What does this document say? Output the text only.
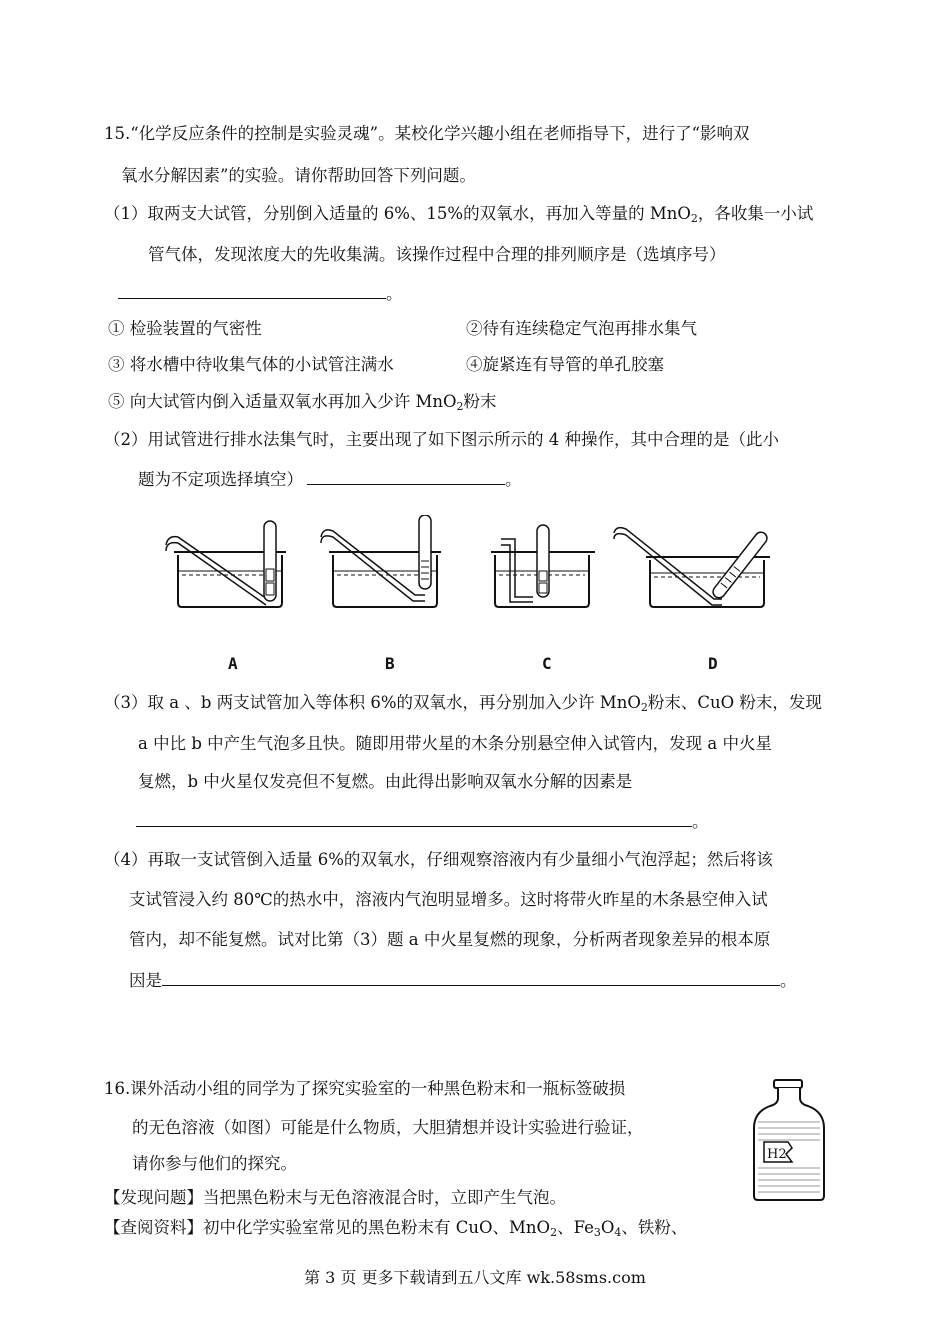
15.“化学反应条件的控制是实验灵魂”。某校化学兴趣小组在老师指导下，进行了“影响双
氧水分解因素”的实验。请你帮助回答下列问题。
（1）取两支大试管，分别倒入适量的 6%、15%的双氧水，再加入等量的 MnO$_2$，各收集一小试
管气体，发现浓度大的先收集满。该操作过程中合理的排列顺序是（选填序号）
。
① 检验装置的气密性	②待有连续稳定气泡再排水集气
③ 将水槽中待收集气体的小试管注满水	④旋紧连有导管的单孔胶塞
⑤ 向大试管内倒入适量双氧水再加入少许 MnO$_2$粉末
（2）用试管进行排水法集气时，主要出现了如下图示所示的 4 种操作，其中合理的是（此小
题为不定项选择填空）	。
A	B	C	D
（3）取 a 、b 两支试管加入等体积 6%的双氧水，再分别加入少许 MnO$_2$粉末、CuO 粉末，发现
a 中比 b 中产生气泡多且快。随即用带火星的木条分别悬空伸入试管内，发现 a 中火星
复燃，b 中火星仅发亮但不复燃。由此得出影响双氧水分解的因素是
。
（4）再取一支试管倒入适量 6%的双氧水，仔细观察溶液内有少量细小气泡浮起；然后将该
支试管浸入约 80℃的热水中，溶液内气泡明显增多。这时将带火昨星的木条悬空伸入试
管内，却不能复燃。试对比第（3）题 a 中火星复燃的现象，分析两者现象差异的根本原
因是	。
16.课外活动小组的同学为了探究实验室的一种黑色粉末和一瓶标签破损
的无色溶液（如图）可能是什么物质，大胆猜想并设计实验进行验证，
请你参与他们的探究。
【发现问题】当把黑色粉末与无色溶液混合时，立即产生气泡。
【查阅资料】初中化学实验室常见的黑色粉末有 CuO、MnO$_2$、$Fe_3O_4$、铁粉、
H2
第 3 页 更多下载请到五八文库 wk.58sms.com
